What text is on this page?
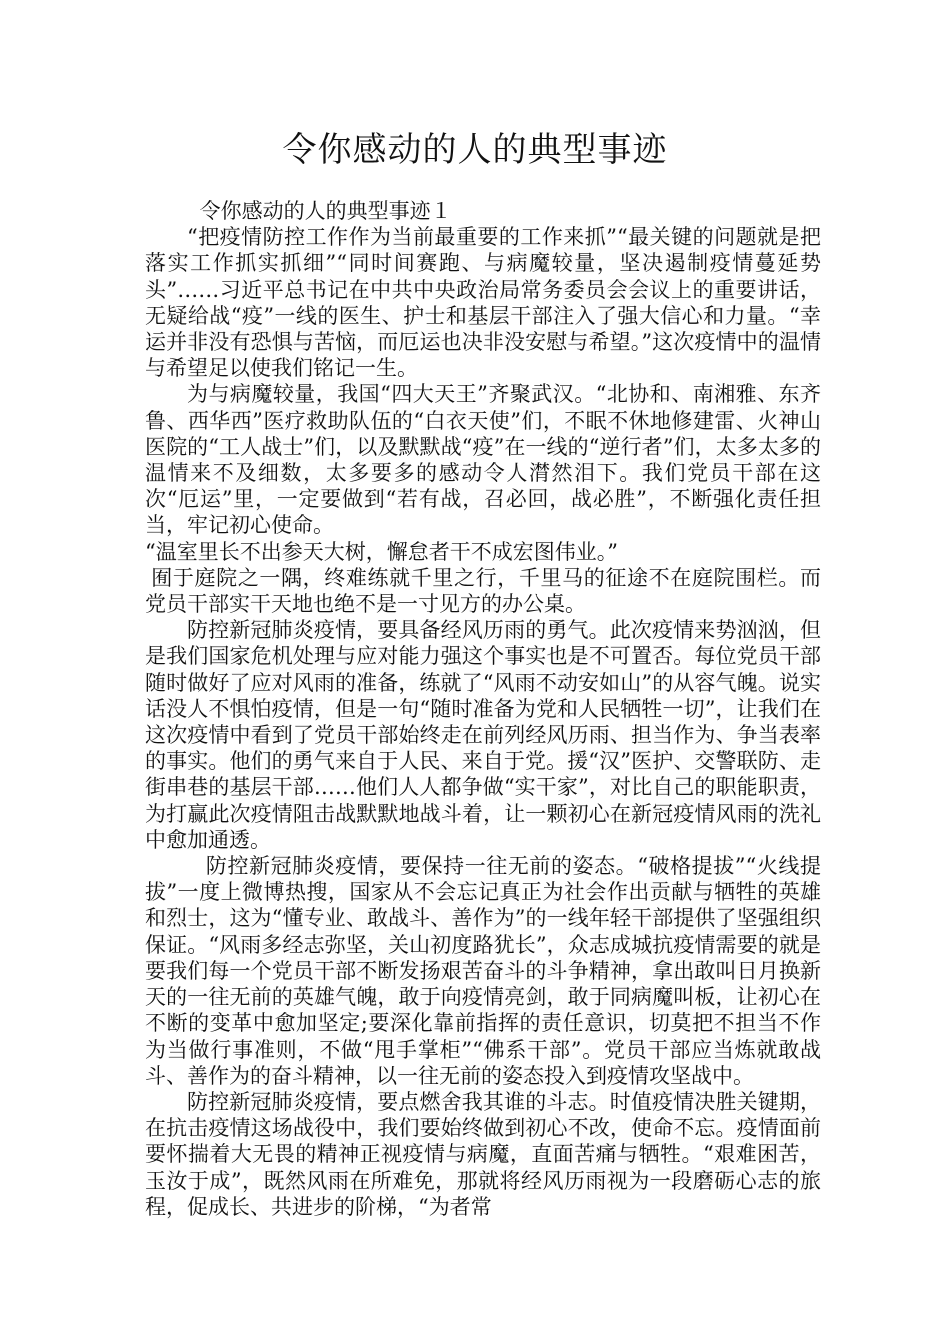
令你感动的人的典型事迹

令你感动的人的典型事迹１

“把疫情防控工作作为当前最重要的工作来抓”“最关键的问题就是把落实工作抓实抓细”“同时间赛跑、与病魔较量，坚决遏制疫情蔓延势头”……习近平总书记在中共中央政治局常务委员会会议上的重要讲话，无疑给战“疫”一线的医生、护士和基层干部注入了强大信心和力量。“幸运并非没有恐惧与苦恼，而厄运也决非没安慰与希望。”这次疫情中的温情与希望足以使我们铭记一生。

为与病魔较量，我国“四大天王”齐聚武汉。“北协和、南湘雅、东齐鲁、西华西”医疗救助队伍的“白衣天使”们，不眠不休地修建雷、火神山医院的“工人战士”们，以及默默战“疫”在一线的“逆行者”们，太多太多的温情来不及细数，太多要多的感动令人潸然泪下。我们党员干部在这次“厄运”里，一定要做到“若有战，召必回，战必胜”，不断强化责任担当，牢记初心使命。

“温室里长不出参天大树，懈怠者干不成宏图伟业。”

囿于庭院之一隅，终难练就千里之行，千里马的征途不在庭院围栏。而党员干部实干天地也绝不是一寸见方的办公桌。

防控新冠肺炎疫情，要具备经风历雨的勇气。此次疫情来势汹汹，但是我们国家危机处理与应对能力强这个事实也是不可置否。每位党员干部随时做好了应对风雨的准备，练就了“风雨不动安如山”的从容气魄。说实话没人不惧怕疫情，但是一句“随时准备为党和人民牺牲一切”，让我们在这次疫情中看到了党员干部始终走在前列经风历雨、担当作为、争当表率的事实。他们的勇气来自于人民、来自于党。援“汉”医护、交警联防、走街串巷的基层干部……他们人人都争做“实干家”，对比自己的职能职责，为打赢此次疫情阻击战默默地战斗着，让一颗初心在新冠疫情风雨的洗礼中愈加通透。

防控新冠肺炎疫情，要保持一往无前的姿态。“破格提拔”“火线提拔”一度上微博热搜，国家从不会忘记真正为社会作出贡献与牺牲的英雄和烈士，这为“懂专业、敢战斗、善作为”的一线年轻干部提供了坚强组织保证。“风雨多经志弥坚，关山初度路犹长”，众志成城抗疫情需要的就是要我们每一个党员干部不断发扬艰苦奋斗的斗争精神，拿出敢叫日月换新天的一往无前的英雄气魄，敢于向疫情亮剑，敢于同病魔叫板，让初心在不断的变革中愈加坚定;要深化靠前指挥的责任意识，切莫把不担当不作为当做行事准则，不做“甩手掌柜”“佛系干部”。党员干部应当炼就敢战斗、善作为的奋斗精神，以一往无前的姿态投入到疫情攻坚战中。

防控新冠肺炎疫情，要点燃舍我其谁的斗志。时值疫情决胜关键期，在抗击疫情这场战役中，我们要始终做到初心不改，使命不忘。疫情面前要怀揣着大无畏的精神正视疫情与病魔，直面苦痛与牺牲。“艰难困苦，玉汝于成”，既然风雨在所难免，那就将经风历雨视为一段磨砺心志的旅程，促成长、共进步的阶梯，“为者常
